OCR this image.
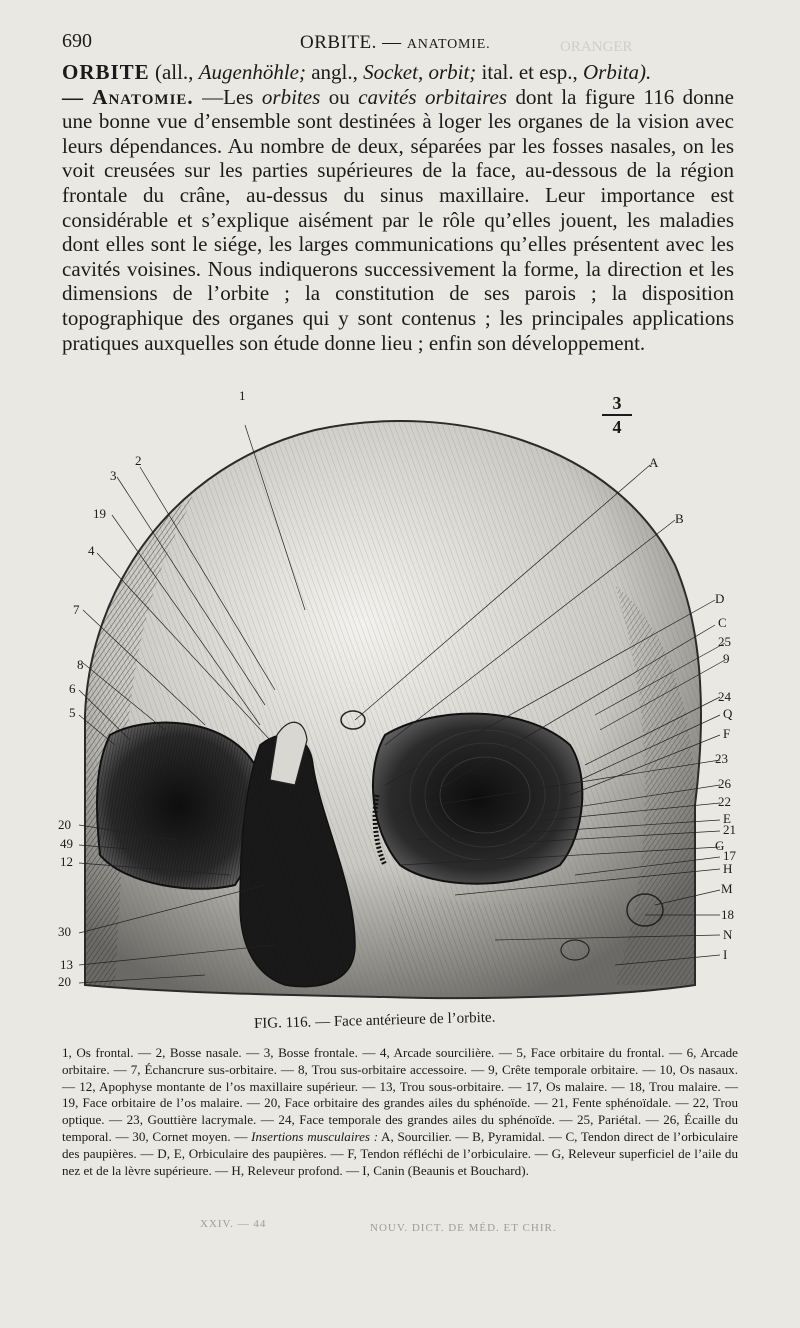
ORANGER
XXIV. — 44	NOUV. DICT. DE MÉD. ET CHIR.
690	ORBITE. — ANATOMIE.

ORBITE (all., Augenhöhle; angl., Socket, orbit; ital. et esp., Orbita).
— Anatomie. —Les orbites ou cavités orbitaires dont la figure 116 donne une bonne vue d’ensemble sont destinées à loger les organes de la vision avec leurs dépendances. Au nombre de deux, séparées par les fosses nasales, on les voit creusées sur les parties supérieures de la face, au-dessous de la région frontale du crâne, au-dessus du sinus maxillaire. Leur importance est considérable et s’explique aisément par le rôle qu’elles jouent, les maladies dont elles sont le siége, les larges communications qu’elles présentent avec les cavités voisines. Nous indiquerons successivement la forme, la direction et les dimensions de l’orbite ; la constitution de ses parois ; la disposition topographique des organes qui y sont contenus ; les principales applications pratiques auxquelles son étude donne lieu ; enfin son développement.

3
4
1
2
3
19
4
7
8
6
5
20
49
12
30
13
20
A
B
D
C
25
9
24
Q
F
23
26
22
E
21
G
17
H
M
18
N
I
FIG. 116. — Face antérieure de l’orbite.
1, Os frontal. — 2, Bosse nasale. — 3, Bosse frontale. — 4, Arcade sourcilière. — 5, Face orbitaire du frontal. — 6, Arcade orbitaire. — 7, Échancrure sus-orbitaire. — 8, Trou sus-orbitaire accessoire. — 9, Crête temporale orbitaire. — 10, Os nasaux. — 12, Apophyse montante de l’os maxillaire supérieur. — 13, Trou sous-orbitaire. — 17, Os malaire. — 18, Trou malaire. — 19, Face orbitaire de l’os malaire. — 20, Face orbitaire des grandes ailes du sphénoïde. — 21, Fente sphénoïdale. — 22, Trou optique. — 23, Gouttière lacrymale. — 24, Face temporale des grandes ailes du sphénoïde. — 25, Pariétal. — 26, Écaille du temporal. — 30, Cornet moyen. — Insertions musculaires : A, Sourcilier. — B, Pyramidal. — C, Tendon direct de l’orbiculaire des paupières. — D, E, Orbiculaire des paupières. — F, Tendon réfléchi de l’orbiculaire. — G, Releveur superficiel de l’aile du nez et de la lèvre supérieure. — H, Releveur profond. — I, Canin (Beaunis et Bouchard).
